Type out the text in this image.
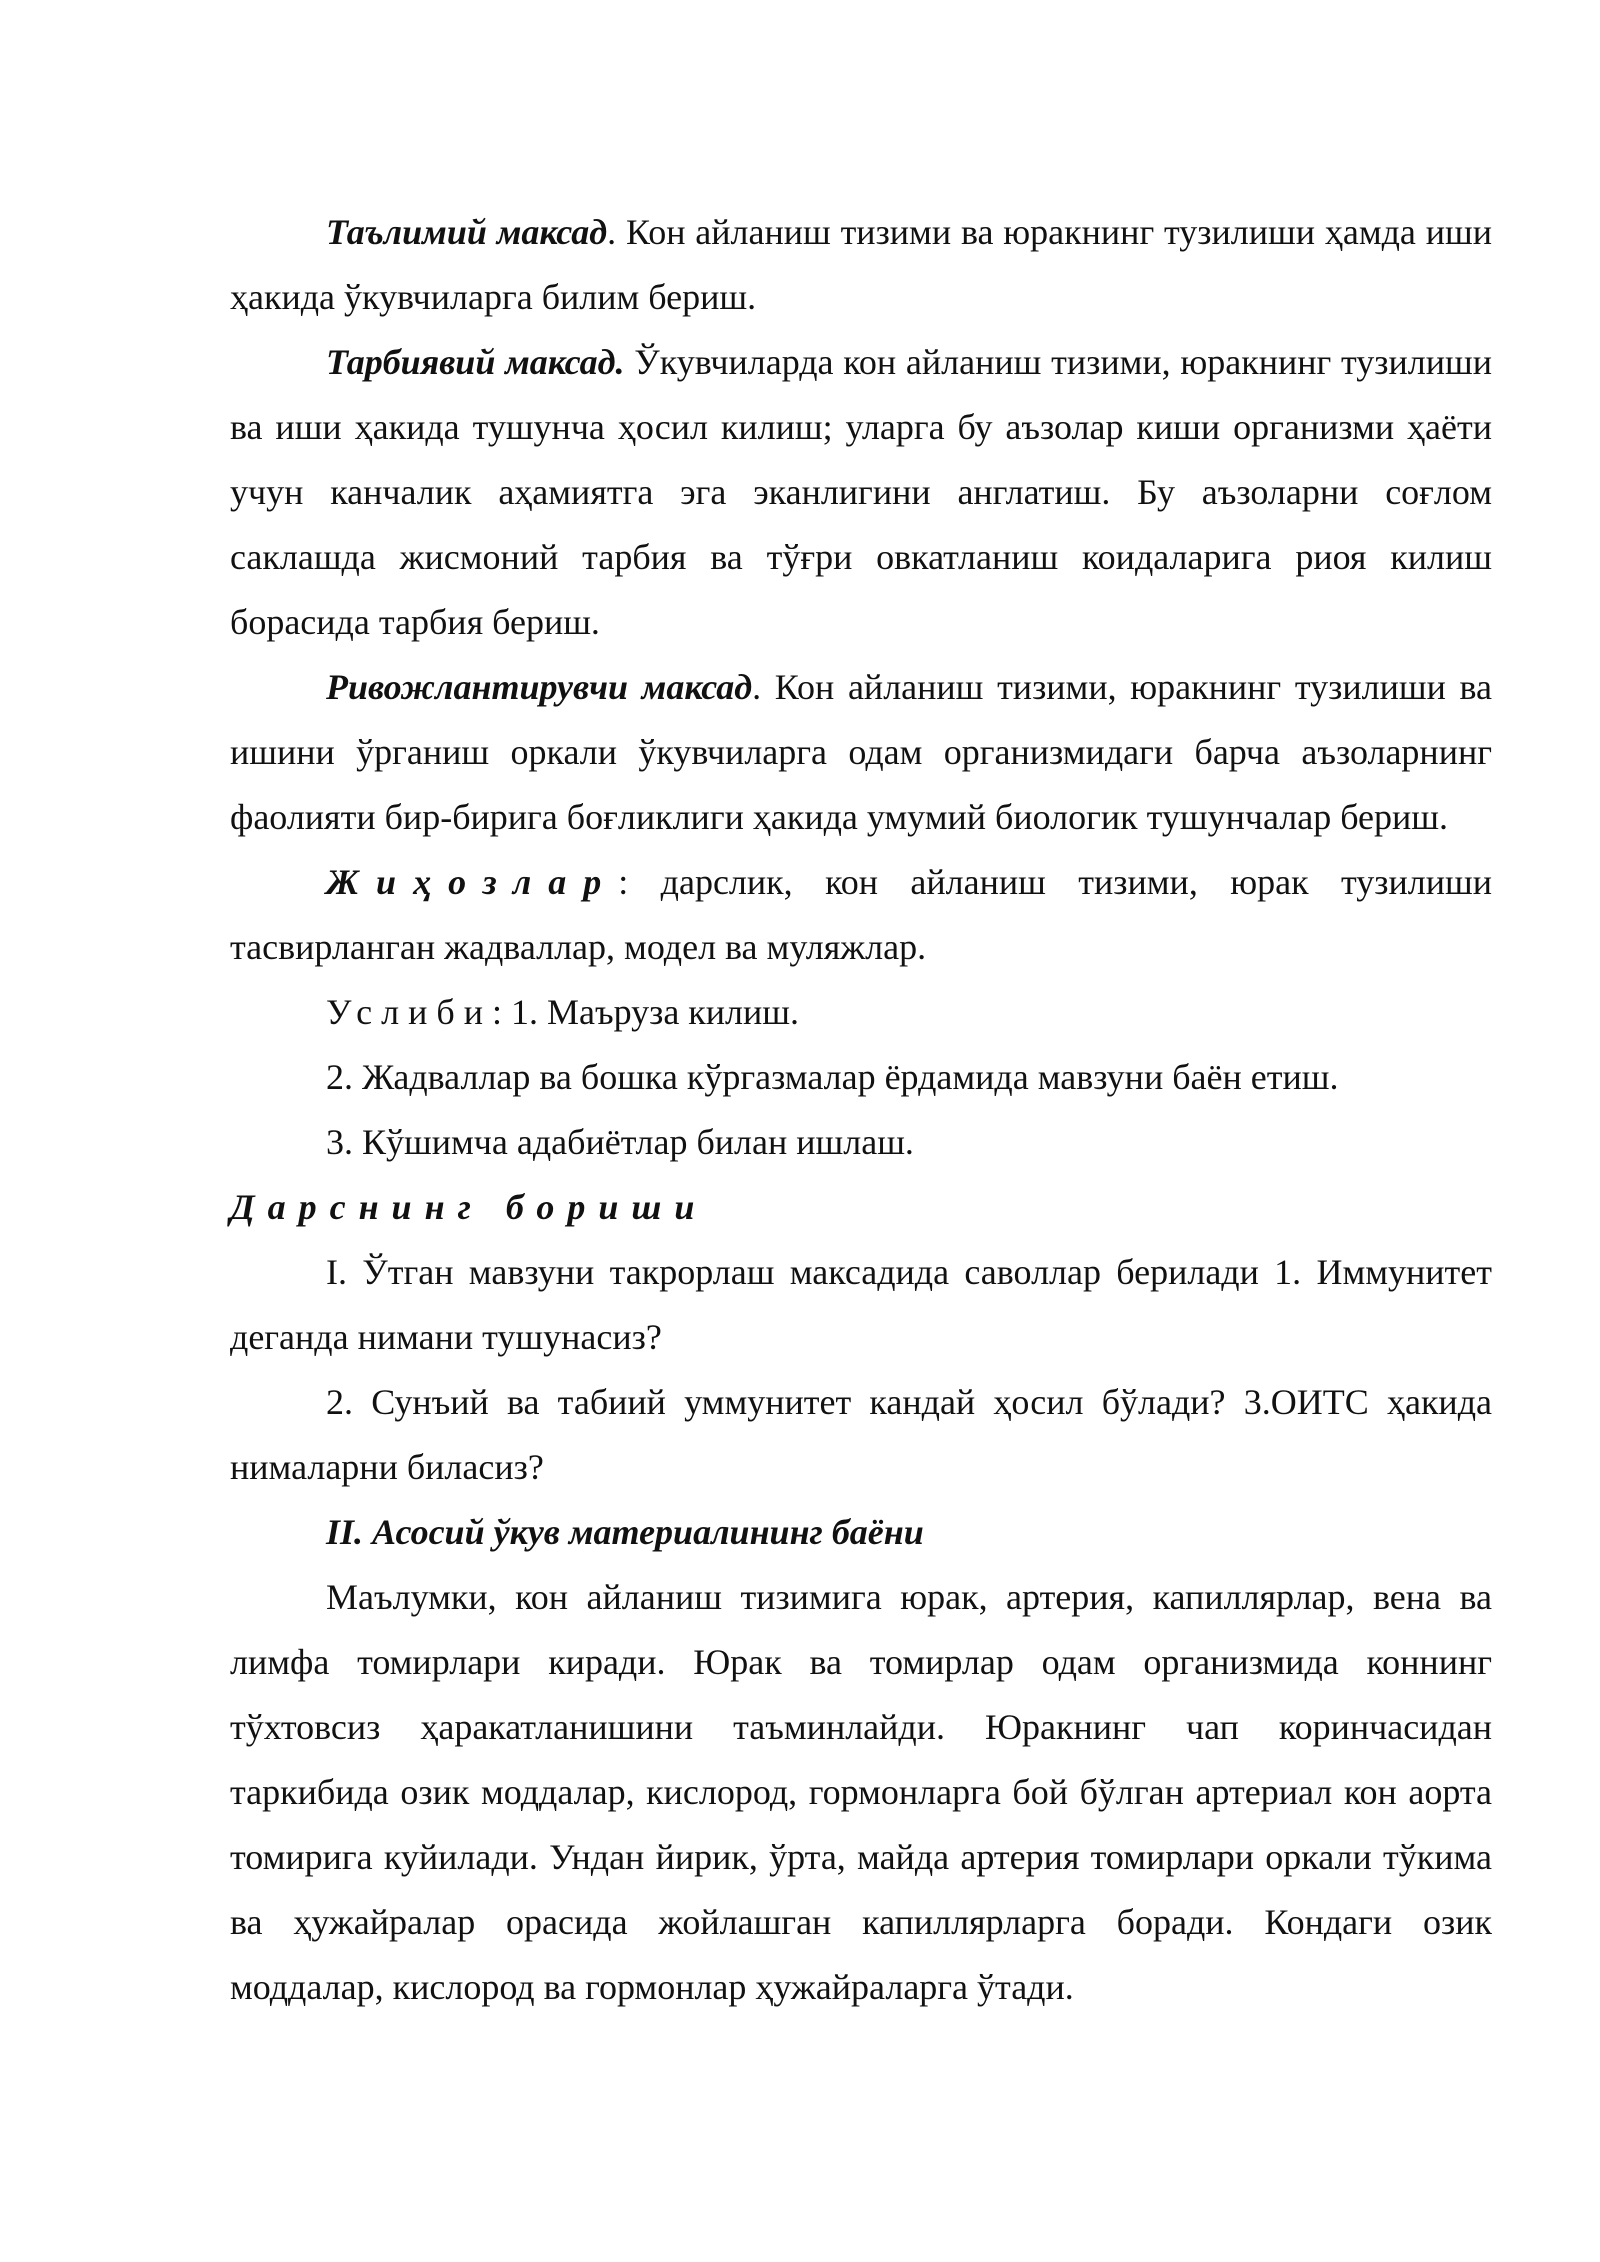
Таълимий максад. Кон айланиш тизими ва юракнинг тузилиши ҳамда иши ҳакида ўкувчиларга билим бериш.

Тарбиявий максад. Ўкувчиларда кон айланиш тизими, юракнинг тузилиши ва иши ҳакида тушунча ҳосил килиш; уларга бу аъзолар киши организми ҳаёти учун канчалик аҳамиятга эга эканлигини англатиш. Бу аъзоларни соғлом саклашда жисмоний тарбия ва тўғри овкатланиш коидаларига риоя килиш борасида тарбия бериш.

Ривожлантирувчи максад. Кон айланиш тизими, юракнинг тузилиши ва ишини ўрганиш оркали ўкувчиларга одам организмидаги барча аъзоларнинг фаолияти бир-бирига боғликлиги ҳакида умумий биологик тушунчалар бериш.

Жиҳозлар: дарслик, кон айланиш тизими, юрак тузилиши тасвирланган жадваллар, модел ва муляжлар.

Услиби: 1. Маъруза килиш.

2. Жадваллар ва бошка кўргазмалар ёрдамида мавзуни баён етиш.

3. Кўшимча адабиётлар билан ишлаш.

Дарснинг бориши

I. Ўтган мавзуни такрорлаш максадида саволлар берилади 1. Иммунитет деганда нимани тушунасиз?

2. Сунъий ва табиий уммунитет кандай ҳосил бўлади? 3.ОИТС ҳакида нималарни биласиз?

II. Асосий ўкув материалининг баёни

Маълумки, кон айланиш тизимига юрак, артерия, капиллярлар, вена ва лимфа томирлари киради. Юрак ва томирлар одам организмида коннинг тўхтовсиз ҳаракатланишини таъминлайди. Юракнинг чап коринчасидан таркибида озик моддалар, кислород, гормонларга бой бўлган артериал кон аорта томирига куйилади. Ундан йирик, ўрта, майда артерия томирлари оркали тўкима ва ҳужайралар орасида жойлашган капиллярларга боради. Кондаги озик моддалар, кислород ва гормонлар ҳужайраларга ўтади.
